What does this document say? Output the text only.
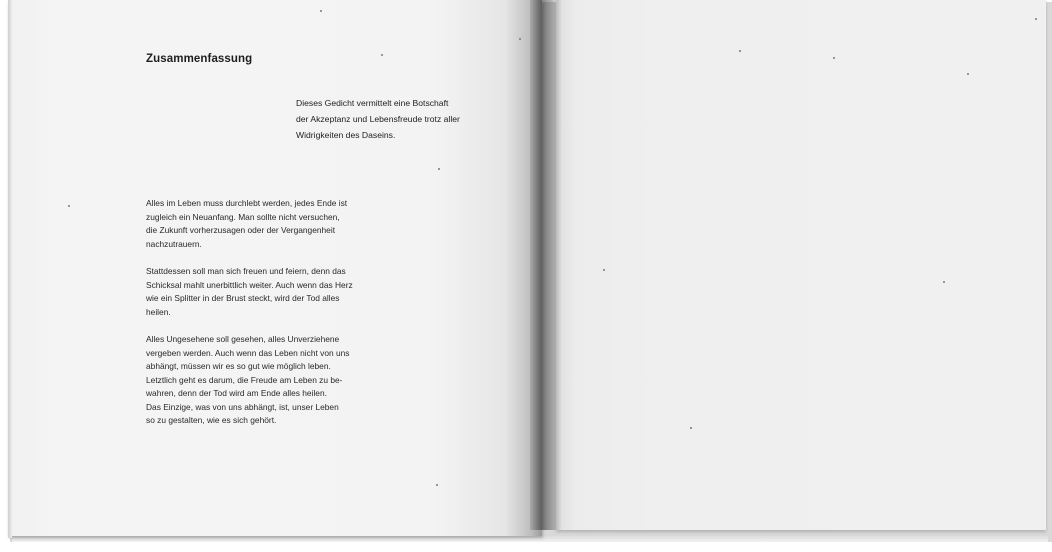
Zusammenfassung
Dieses Gedicht vermittelt eine Botschaft
der Akzeptanz und Lebensfreude trotz aller
Widrigkeiten des Daseins.
Alles im Leben muss durchlebt werden, jedes Ende ist
zugleich ein Neuanfang. Man sollte nicht versuchen,
die Zukunft vorherzusagen oder der Vergangenheit
nachzutrauern.
Stattdessen soll man sich freuen und feiern, denn das
Schicksal mahlt unerbittlich weiter. Auch wenn das Herz
wie ein Splitter in der Brust steckt, wird der Tod alles
heilen.
Alles Ungesehene soll gesehen, alles Unverziehene
vergeben werden. Auch wenn das Leben nicht von uns
abhängt, müssen wir es so gut wie möglich leben.
Letztlich geht es darum, die Freude am Leben zu be-
wahren, denn der Tod wird am Ende alles heilen.
Das Einzige, was von uns abhängt, ist, unser Leben
so zu gestalten, wie es sich gehört.
